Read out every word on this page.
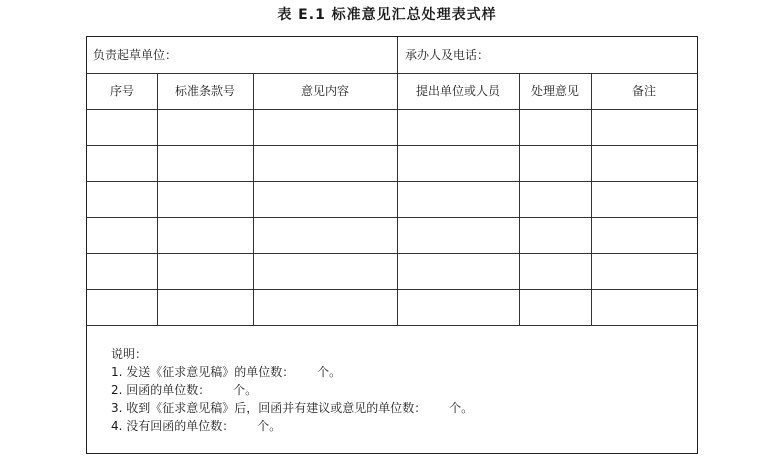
表 E.1 标准意见汇总处理表式样
负责起草单位：	承办人及电话：
序号	标准条款号	意见内容	提出单位或人员	处理意见	备注
说明：
1. 发送《征求意见稿》的单位数：      个。
2. 回函的单位数：      个。
3. 收到《征求意见稿》后，回函并有建议或意见的单位数：      个。
4. 没有回函的单位数：      个。
